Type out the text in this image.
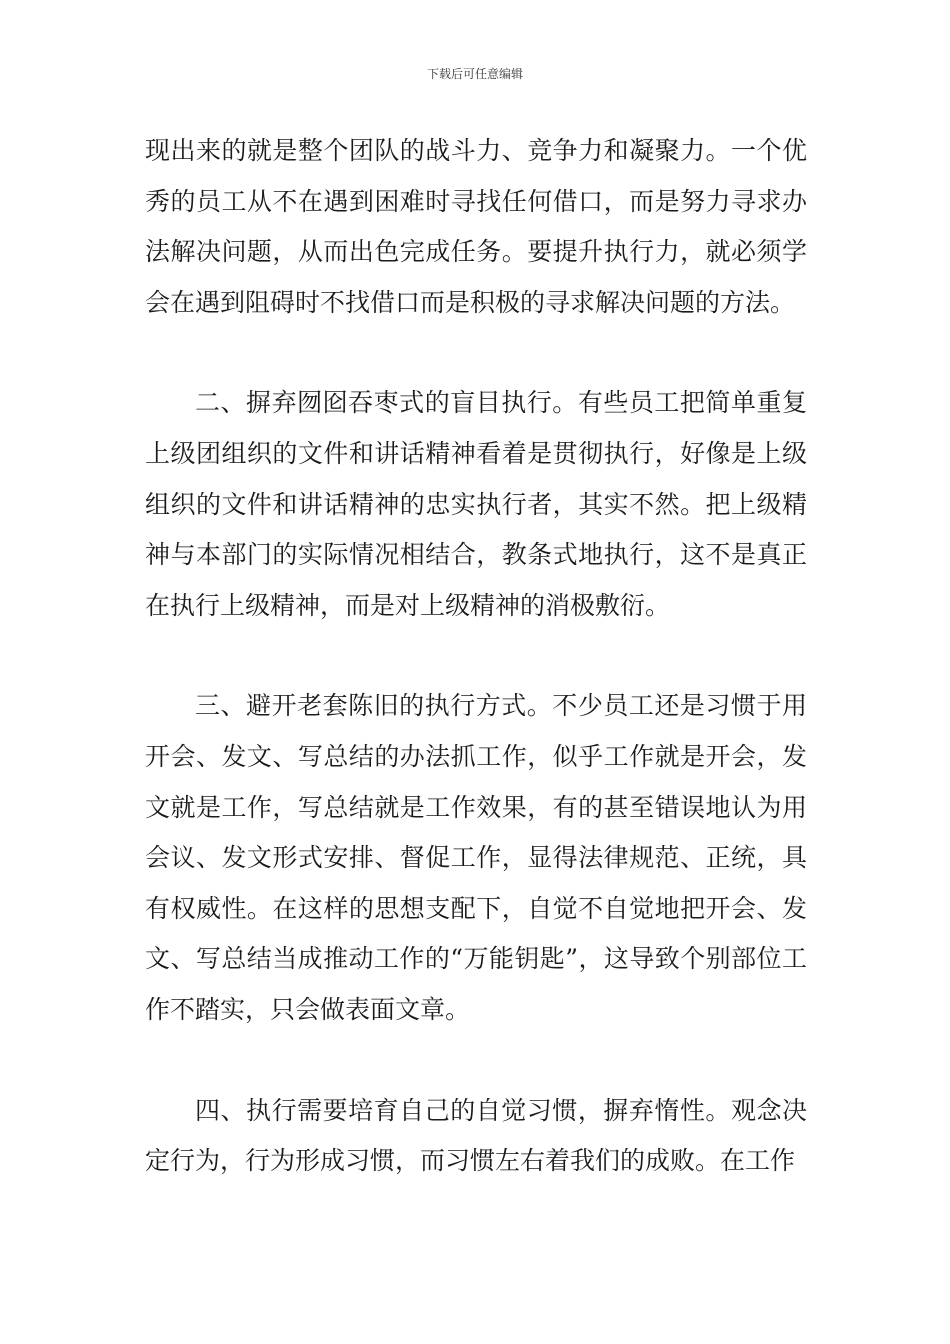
下载后可任意编辑

现出来的就是整个团队的战斗力、竞争力和凝聚力。一个优秀的员工从不在遇到困难时寻找任何借口，而是努力寻求办法解决问题，从而出色完成任务。要提升执行力，就必须学会在遇到阻碍时不找借口而是积极的寻求解决问题的方法。

二、摒弃囫囵吞枣式的盲目执行。有些员工把简单重复上级团组织的文件和讲话精神看着是贯彻执行，好像是上级组织的文件和讲话精神的忠实执行者，其实不然。把上级精神与本部门的实际情况相结合，教条式地执行，这不是真正在执行上级精神，而是对上级精神的消极敷衍。

三、避开老套陈旧的执行方式。不少员工还是习惯于用开会、发文、写总结的办法抓工作，似乎工作就是开会，发文就是工作，写总结就是工作效果，有的甚至错误地认为用会议、发文形式安排、督促工作，显得法律规范、正统，具有权威性。在这样的思想支配下，自觉不自觉地把开会、发文、写总结当成推动工作的“万能钥匙”，这导致个别部位工作不踏实，只会做表面文章。

四、执行需要培育自己的自觉习惯，摒弃惰性。观念决定行为，行为形成习惯，而习惯左右着我们的成败。在工作
